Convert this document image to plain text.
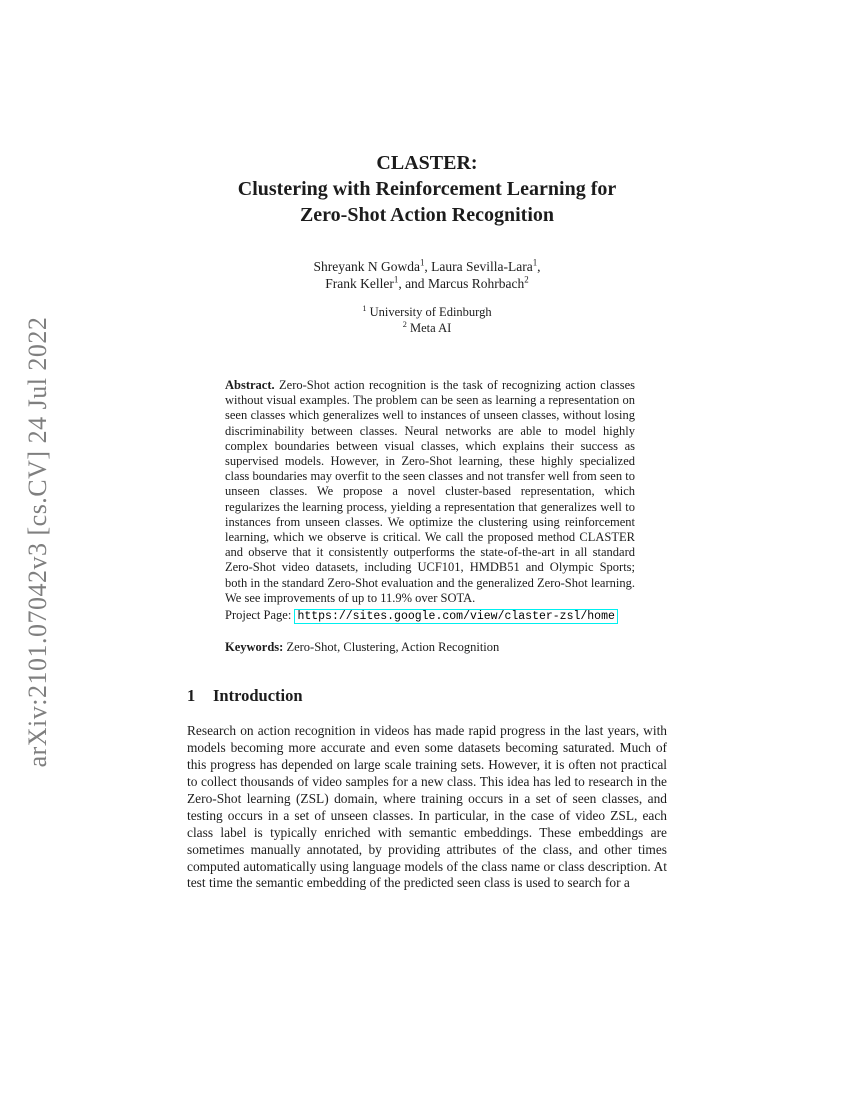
arXiv:2101.07042v3 [cs.CV] 24 Jul 2022
CLASTER:
Clustering with Reinforcement Learning for
Zero-Shot Action Recognition
Shreyank N Gowda$^1$, Laura Sevilla-Lara$^1$,
Frank Keller$^1$, and Marcus Rohrbach$^2$
$^1$ University of Edinburgh
$^2$ Meta AI

Abstract. Zero-Shot action recognition is the task of recognizing action classes without visual examples. The problem can be seen as learning a representation on seen classes which generalizes well to instances of unseen classes, without losing discriminability between classes. Neural networks are able to model highly complex boundaries between visual classes, which explains their success as supervised models. However, in Zero-Shot learning, these highly specialized class boundaries may overfit to the seen classes and not transfer well from seen to unseen classes. We propose a novel cluster-based representation, which regularizes the learning process, yielding a representation that generalizes well to instances from unseen classes. We optimize the clustering using reinforcement learning, which we observe is critical. We call the proposed method CLASTER and observe that it consistently outperforms the state-of-the-art in all standard Zero-Shot video datasets, including UCF101, HMDB51 and Olympic Sports; both in the standard Zero-Shot evaluation and the generalized Zero-Shot learning. We see improvements of up to 11.9% over SOTA.

Project Page: https://sites.google.com/view/claster-zsl/home

Keywords: Zero-Shot, Clustering, Action Recognition

1 Introduction

Research on action recognition in videos has made rapid progress in the last years, with models becoming more accurate and even some datasets becoming saturated. Much of this progress has depended on large scale training sets. However, it is often not practical to collect thousands of video samples for a new class. This idea has led to research in the Zero-Shot learning (ZSL) domain, where training occurs in a set of seen classes, and testing occurs in a set of unseen classes. In particular, in the case of video ZSL, each class label is typically enriched with semantic embeddings. These embeddings are sometimes manually annotated, by providing attributes of the class, and other times computed automatically using language models of the class name or class description. At test time the semantic embedding of the predicted seen class is used to search for a
